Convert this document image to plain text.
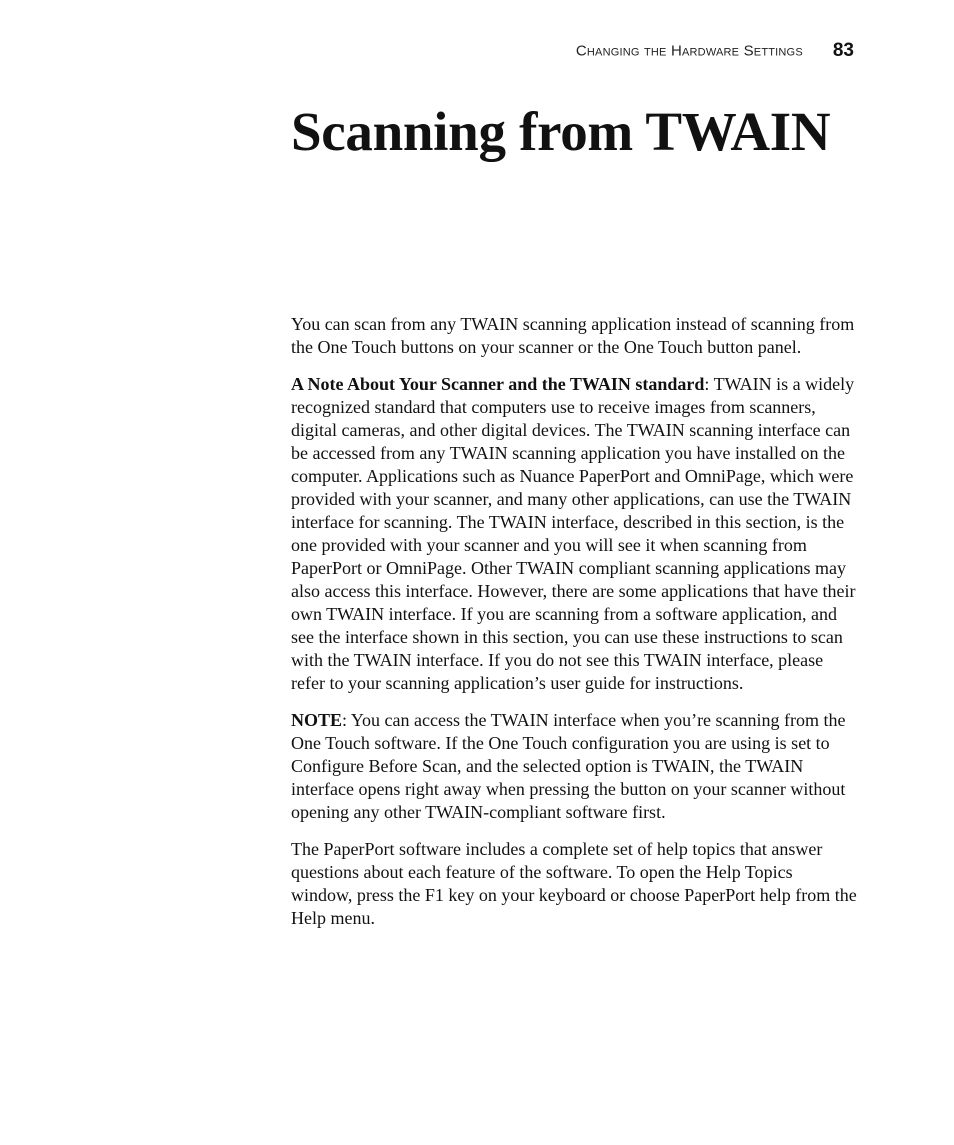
Changing the Hardware Settings 83
Scanning from TWAIN

You can scan from any TWAIN scanning application instead of scanning from the One Touch buttons on your scanner or the One Touch button panel.

A Note About Your Scanner and the TWAIN standard: TWAIN is a widely recognized standard that computers use to receive images from scanners, digital cameras, and other digital devices. The TWAIN scanning interface can be accessed from any TWAIN scanning application you have installed on the computer. Applications such as Nuance PaperPort and OmniPage, which were provided with your scanner, and many other applications, can use the TWAIN interface for scanning. The TWAIN interface, described in this section, is the one provided with your scanner and you will see it when scanning from PaperPort or OmniPage. Other TWAIN compliant scanning applications may also access this interface. However, there are some applications that have their own TWAIN interface. If you are scanning from a software application, and see the interface shown in this section, you can use these instructions to scan with the TWAIN interface. If you do not see this TWAIN interface, please refer to your scanning application’s user guide for instructions.

NOTE: You can access the TWAIN interface when you’re scanning from the One Touch software. If the One Touch configuration you are using is set to Configure Before Scan, and the selected option is TWAIN, the TWAIN interface opens right away when pressing the button on your scanner without opening any other TWAIN-compliant software first.

The PaperPort software includes a complete set of help topics that answer questions about each feature of the software. To open the Help Topics window, press the F1 key on your keyboard or choose PaperPort help from the Help menu.
